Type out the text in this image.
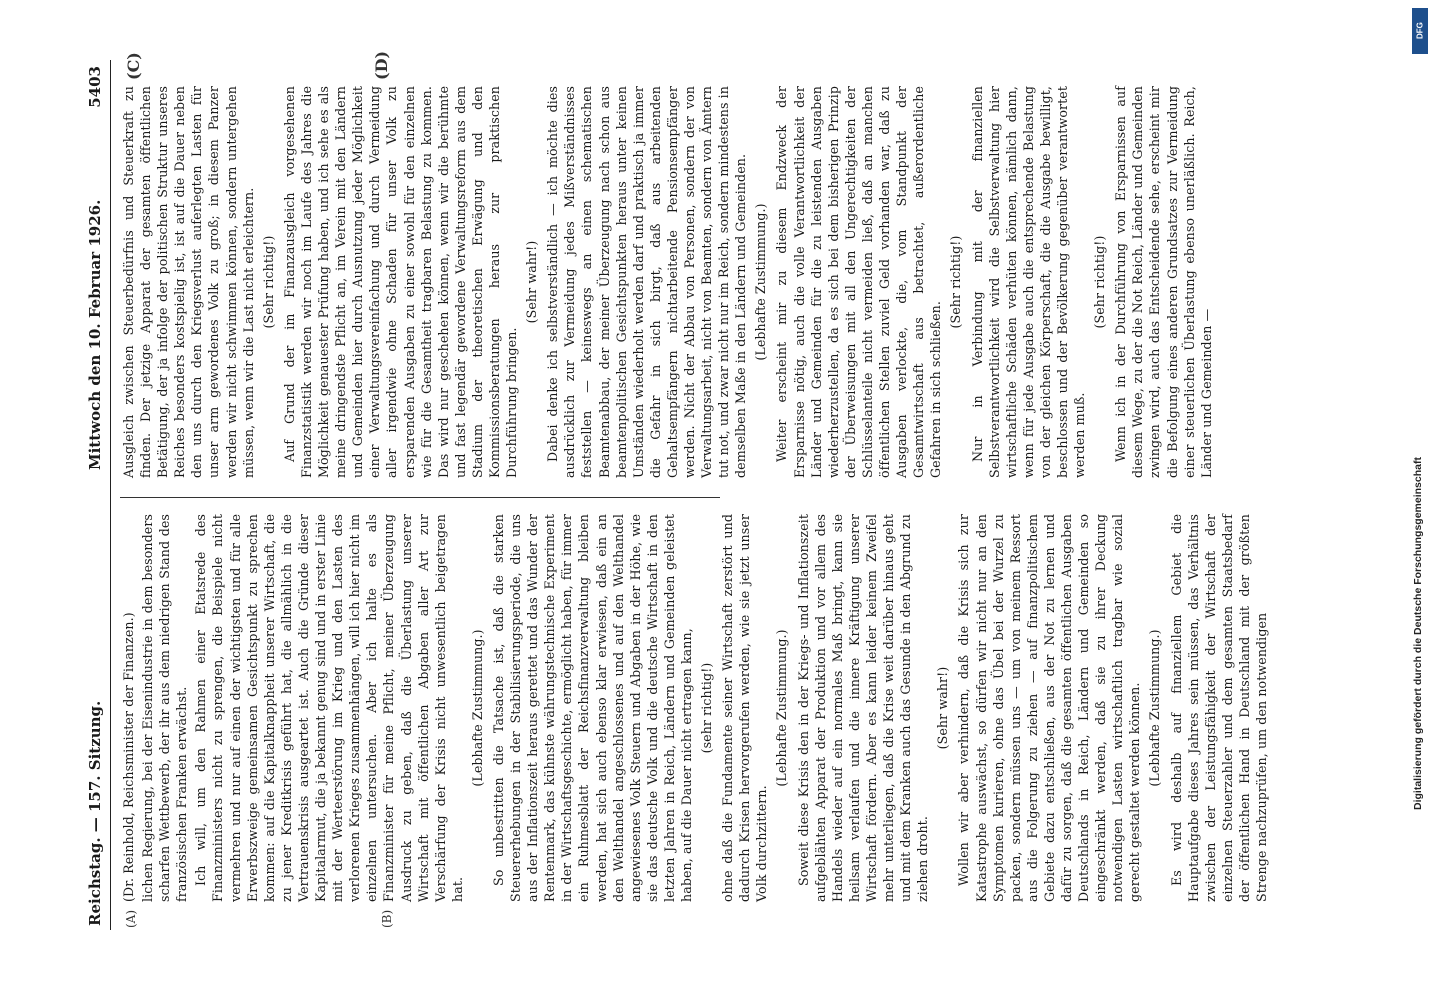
DFG
Digitalisierung gefördert durch die Deutsche Forschungsgemeinschaft
Reichstag. — 157. Sitzung.
Mittwoch den 10. Februar 1926.
5403
(A)	(B)
(C)	(D)

(Dr. Reinhold, Reichsminister der Finanzen.) lichen Regierung, bei der Eisenindustrie in dem besonders scharfen Wettbewerb, der ihr aus dem niedrigen Stand des französischen Franken erwächst. Ich will, um den Rahmen einer Etatsrede des Finanzministers nicht zu sprengen, die Beispiele nicht vermehren und nur auf einen der wichtigsten und für alle Erwerbszweige gemeinsamen Gesichtspunkt zu sprechen kommen: auf die Kapitalknappheit unserer Wirtschaft, die zu jener Kreditkrisis geführt hat, die allmählich in die Vertrauenskrisis ausgeartet ist. Auch die Gründe dieser Kapitalarmut, die ja bekannt genug sind und in erster Linie mit der Werteerstörung im Krieg und den Lasten des verlorenen Krieges zusammenhängen, will ich hier nicht im einzelnen untersuchen. Aber ich halte es als Finanzminister für meine Pflicht, meiner Überzeugung Ausdruck zu geben, daß die Überlastung unserer Wirtschaft mit öffentlichen Abgaben aller Art zur Verschärfung der Krisis nicht unwesentlich beigetragen hat.

(Lebhafte Zustimmung.) So unbestritten die Tatsache ist, daß die starken Steuererhebungen in der Stabilisierungsperiode, die uns aus der Inflationszeit heraus gerettet und das Wunder der Rentenmark, das kühnste währungstechnische Experiment in der Wirtschaftsgeschichte, ermöglicht haben, für immer ein Ruhmesblatt der Reichsfinanzverwaltung bleiben werden, hat sich auch ebenso klar erwiesen, daß ein an den Welthandel angeschlossenes und auf den Welthandel angewiesenes Volk Steuern und Abgaben in der Höhe, wie sie das deutsche Volk und die deutsche Wirtschaft in den letzten Jahren in Reich, Ländern und Gemeinden geleistet haben, auf die Dauer nicht ertragen kann, (sehr richtig!) ohne daß die Fundamente seiner Wirtschaft zerstört und dadurch Krisen hervorgerufen werden, wie sie jetzt unser Volk durchzittern.

(Lebhafte Zustimmung.) Soweit diese Krisis den in der Kriegs- und Inflationszeit aufgeblähten Apparat der Produktion und vor allem des Handels wieder auf ein normales Maß bringt, kann sie heilsam verlaufen und die innere Kräftigung unserer Wirtschaft fördern. Aber es kann leider keinem Zweifel mehr unterliegen, daß die Krise weit darüber hinaus geht und mit dem Kranken auch das Gesunde in den Abgrund zu ziehen droht.

(Sehr wahr!) Wollen wir aber verhindern, daß die Krisis sich zur Katastrophe auswächst, so dürfen wir nicht nur an den Symptomen kurieren, ohne das Übel bei der Wurzel zu packen, sondern müssen uns — um von meinem Ressort aus die Folgerung zu ziehen — auf finanzpolitischem Gebiete dazu entschließen, aus der Not zu lernen und dafür zu sorgen, daß die gesamten öffentlichen Ausgaben Deutschlands in Reich, Ländern und Gemeinden so eingeschränkt werden, daß sie zu ihrer Deckung notwendigen Lasten wirtschaftlich tragbar wie sozial gerecht gestaltet werden können. (Lebhafte Zustimmung.) Es wird deshalb auf finanziellem Gebiet die Hauptaufgabe dieses Jahres sein müssen, das Verhältnis zwischen der Leistungsfähigkeit der Wirtschaft der einzelnen Steuerzahler und dem gesamten Staatsbedarf der öffentlichen Hand in Deutschland mit der größten Strenge nachzuprüfen, um den notwendigen

Ausgleich zwischen Steuerbedürfnis und Steuerkraft zu finden. Der jetzige Apparat der gesamten öffentlichen Betätigung, der ja infolge der politischen Struktur unseres Reiches besonders kostspielig ist, ist auf die Dauer neben den uns durch den Kriegsverlust auferlegten Lasten für unser arm gewordenes Volk zu groß; in diesem Panzer werden wir nicht schwimmen können, sondern untergehen müssen, wenn wir die Last nicht erleichtern. (Sehr richtig!) Auf Grund der im Finanzausgleich vorgesehenen Finanzstatistik werden wir noch im Laufe des Jahres die Möglichkeit genauester Prüfung haben, und ich sehe es als meine dringendste Pflicht an, im Verein mit den Ländern und Gemeinden hier durch Ausnutzung jeder Möglichkeit einer Verwaltungsvereinfachung und durch Vermeidung aller irgendwie ohne Schaden für unser Volk zu ersparenden Ausgaben zu einer sowohl für den einzelnen wie für die Gesamtheit tragbaren Belastung zu kommen. Das wird nur geschehen können, wenn wir die berühmte und fast legendär gewordene Verwaltungsreform aus dem Stadium der theoretischen Erwägung und den Kommissionsberatungen heraus zur praktischen Durchführung bringen.

(Sehr wahr!) Dabei denke ich selbstverständlich — ich möchte dies ausdrücklich zur Vermeidung jedes Mißverständnisses feststellen — keineswegs an einen schematischen Beamtenabbau, der meiner Überzeugung nach schon aus beamtenpolitischen Gesichtspunkten heraus unter keinen Umständen wiederholt werden darf und praktisch ja immer die Gefahr in sich birgt, daß aus arbeitenden Gehaltsempfängern nichtarbeitende Pensionsempfänger werden. Nicht der Abbau von Personen, sondern der von Verwaltungsarbeit, nicht von Beamten, sondern von Ämtern tut not, und zwar nicht nur im Reich, sondern mindestens in demselben Maße in den Ländern und Gemeinden. (Lebhafte Zustimmung.) Weiter erscheint mir zu diesem Endzweck der Ersparnisse nötig, auch die volle Verantwortlichkeit der Länder und Gemeinden für die zu leistenden Ausgaben wiederherzustellen, da es sich bei dem bisherigen Prinzip der Überweisungen mit all den Ungerechtigkeiten der Schlüsselanteile nicht vermeiden ließ, daß an manchen öffentlichen Stellen zuviel Geld vorhanden war, daß zu Ausgaben verlockte, die, vom Standpunkt der Gesamtwirtschaft aus betrachtet, außerordentliche Gefahren in sich schließen.

(Sehr richtig!) Nur in Verbindung mit der finanziellen Selbstverantwortlichkeit wird die Selbstverwaltung hier wirtschaftliche Schäden verhüten können, nämlich dann, wenn für jede Ausgabe auch die entsprechende Belastung von der gleichen Körperschaft, die die Ausgabe bewilligt, beschlossen und der Bevölkerung gegenüber verantwortet werden muß.

(Sehr richtig!) Wenn ich in der Durchführung von Ersparnissen auf diesem Wege, zu der die Not Reich, Länder und Gemeinden zwingen wird, auch das Entscheidende sehe, erscheint mir die Befolgung eines anderen Grundsatzes zur Vermeidung einer steuerlichen Überlastung ebenso unerläßlich. Reich, Länder und Gemeinden —
